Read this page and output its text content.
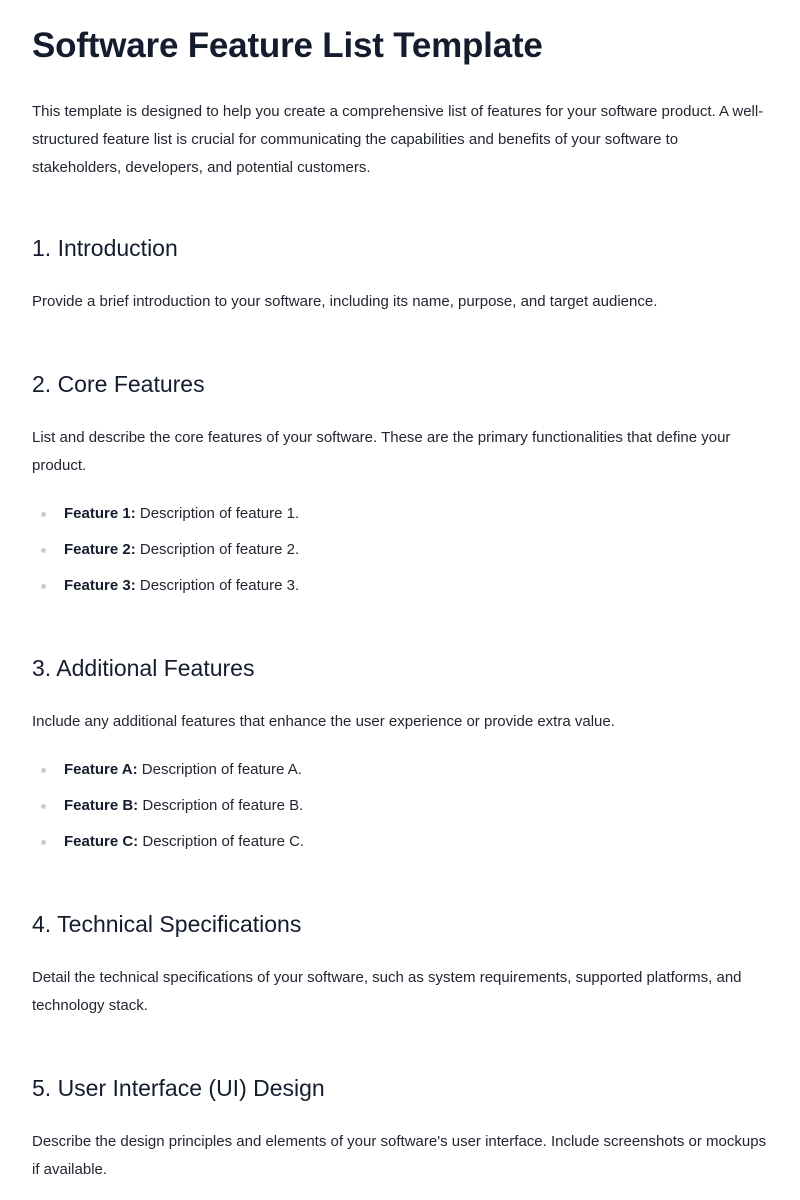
Software Feature List Template

This template is designed to help you create a comprehensive list of features for your software product. A well-structured feature list is crucial for communicating the capabilities and benefits of your software to stakeholders, developers, and potential customers.

1. Introduction

Provide a brief introduction to your software, including its name, purpose, and target audience.

2. Core Features

List and describe the core features of your software. These are the primary functionalities that define your product.

Feature 1: Description of feature 1.
Feature 2: Description of feature 2.
Feature 3: Description of feature 3.
3. Additional Features

Include any additional features that enhance the user experience or provide extra value.

Feature A: Description of feature A.
Feature B: Description of feature B.
Feature C: Description of feature C.
4. Technical Specifications

Detail the technical specifications of your software, such as system requirements, supported platforms, and technology stack.

5. User Interface (UI) Design

Describe the design principles and elements of your software's user interface. Include screenshots or mockups if available.
